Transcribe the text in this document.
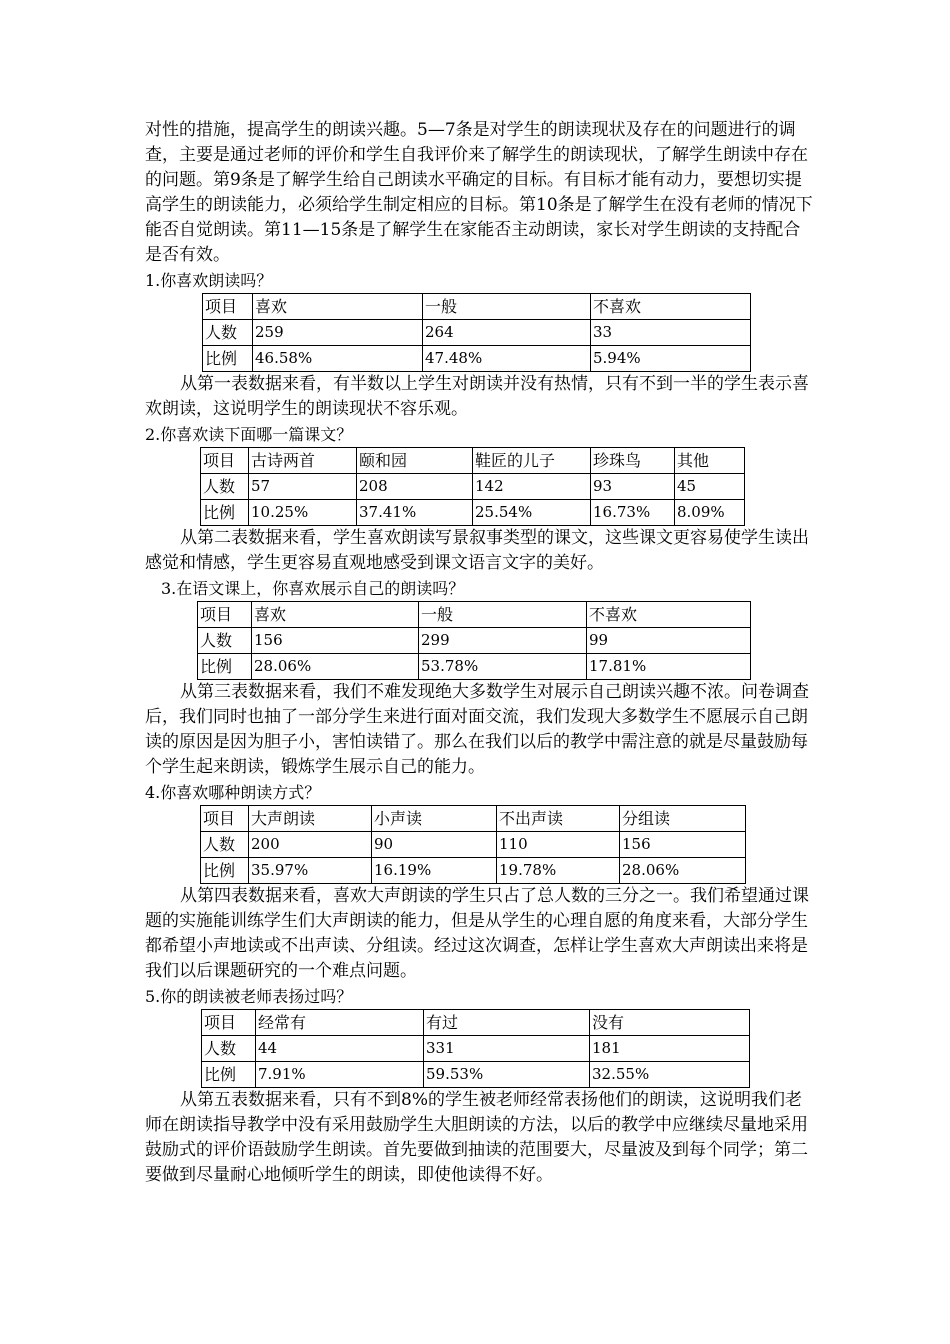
对性的措施，提高学生的朗读兴趣。5—7条是对学生的朗读现状及存在的问题进行的调查，主要是通过老师的评价和学生自我评价来了解学生的朗读现状，了解学生朗读中存在的问题。第9条是了解学生给自己朗读水平确定的目标。有目标才能有动力，要想切实提高学生的朗读能力，必须给学生制定相应的目标。第10条是了解学生在没有老师的情况下能否自觉朗读。第11—15条是了解学生在家能否主动朗读，家长对学生朗读的支持配合是否有效。

1.你喜欢朗读吗？

项目	喜欢	一般	不喜欢
人数	259	264	33
比例	46.58%	47.48%	5.94%

从第一表数据来看，有半数以上学生对朗读并没有热情，只有不到一半的学生表示喜欢朗读，这说明学生的朗读现状不容乐观。

2.你喜欢读下面哪一篇课文？

项目	古诗两首	颐和园	鞋匠的儿子	珍珠鸟	其他
人数	57	208	142	93	45
比例	10.25%	37.41%	25.54%	16.73%	8.09%

从第二表数据来看，学生喜欢朗读写景叙事类型的课文，这些课文更容易使学生读出感觉和情感，学生更容易直观地感受到课文语言文字的美好。

3.在语文课上，你喜欢展示自己的朗读吗？

项目	喜欢	一般	不喜欢
人数	156	299	99
比例	28.06%	53.78%	17.81%

从第三表数据来看，我们不难发现绝大多数学生对展示自己朗读兴趣不浓。问卷调查后，我们同时也抽了一部分学生来进行面对面交流，我们发现大多数学生不愿展示自己朗读的原因是因为胆子小，害怕读错了。那么在我们以后的教学中需注意的就是尽量鼓励每个学生起来朗读，锻炼学生展示自己的能力。

4.你喜欢哪种朗读方式？

项目	大声朗读	小声读	不出声读	分组读
人数	200	90	110	156
比例	35.97%	16.19%	19.78%	28.06%

从第四表数据来看，喜欢大声朗读的学生只占了总人数的三分之一。我们希望通过课题的实施能训练学生们大声朗读的能力，但是从学生的心理自愿的角度来看，大部分学生都希望小声地读或不出声读、分组读。经过这次调查，怎样让学生喜欢大声朗读出来将是我们以后课题研究的一个难点问题。

5.你的朗读被老师表扬过吗？

项目	经常有	有过	没有
人数	44	331	181
比例	7.91%	59.53%	32.55%

从第五表数据来看，只有不到8%的学生被老师经常表扬他们的朗读，这说明我们老师在朗读指导教学中没有采用鼓励学生大胆朗读的方法，以后的教学中应继续尽量地采用鼓励式的评价语鼓励学生朗读。首先要做到抽读的范围要大，尽量波及到每个同学；第二要做到尽量耐心地倾听学生的朗读，即使他读得不好。
